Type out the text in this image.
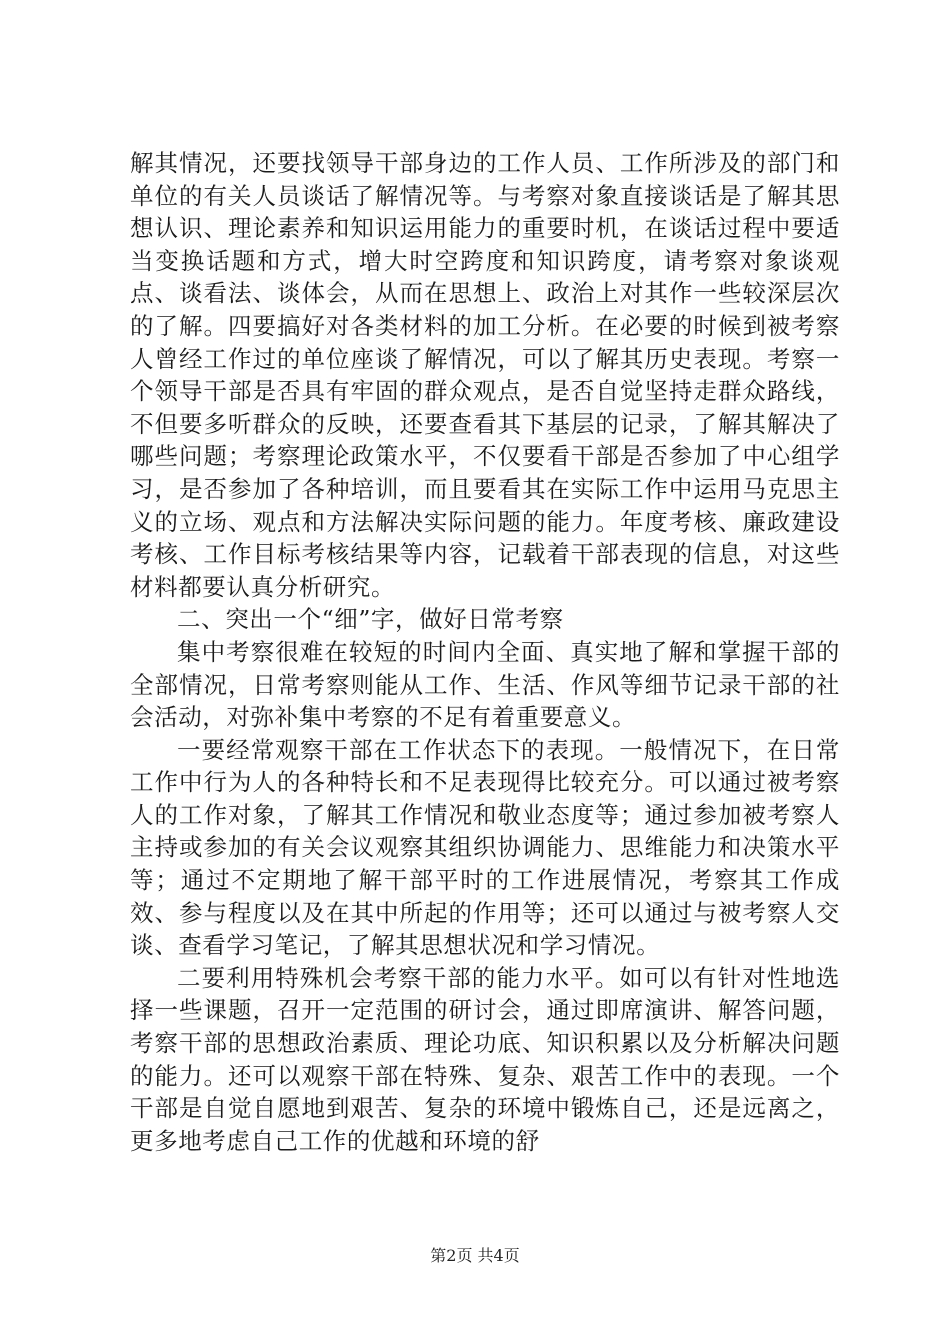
解其情况，还要找领导干部身边的工作人员、工作所涉及的部门和单位的有关人员谈话了解情况等。与考察对象直接谈话是了解其思想认识、理论素养和知识运用能力的重要时机，在谈话过程中要适当变换话题和方式，增大时空跨度和知识跨度，请考察对象谈观点、谈看法、谈体会，从而在思想上、政治上对其作一些较深层次的了解。四要搞好对各类材料的加工分析。在必要的时候到被考察人曾经工作过的单位座谈了解情况，可以了解其历史表现。考察一个领导干部是否具有牢固的群众观点，是否自觉坚持走群众路线，不但要多听群众的反映，还要查看其下基层的记录，了解其解决了哪些问题；考察理论政策水平，不仅要看干部是否参加了中心组学习，是否参加了各种培训，而且要看其在实际工作中运用马克思主义的立场、观点和方法解决实际问题的能力。年度考核、廉政建设考核、工作目标考核结果等内容，记载着干部表现的信息，对这些材料都要认真分析研究。

二、突出一个“细”字，做好日常考察

集中考察很难在较短的时间内全面、真实地了解和掌握干部的全部情况，日常考察则能从工作、生活、作风等细节记录干部的社会活动，对弥补集中考察的不足有着重要意义。

一要经常观察干部在工作状态下的表现。一般情况下，在日常工作中行为人的各种特长和不足表现得比较充分。可以通过被考察人的工作对象，了解其工作情况和敬业态度等；通过参加被考察人主持或参加的有关会议观察其组织协调能力、思维能力和决策水平等；通过不定期地了解干部平时的工作进展情况，考察其工作成效、参与程度以及在其中所起的作用等；还可以通过与被考察人交谈、查看学习笔记，了解其思想状况和学习情况。

二要利用特殊机会考察干部的能力水平。如可以有针对性地选择一些课题，召开一定范围的研讨会，通过即席演讲、解答问题，考察干部的思想政治素质、理论功底、知识积累以及分析解决问题的能力。还可以观察干部在特殊、复杂、艰苦工作中的表现。一个干部是自觉自愿地到艰苦、复杂的环境中锻炼自己，还是远离之，更多地考虑自己工作的优越和环境的舒

第2页 共4页
